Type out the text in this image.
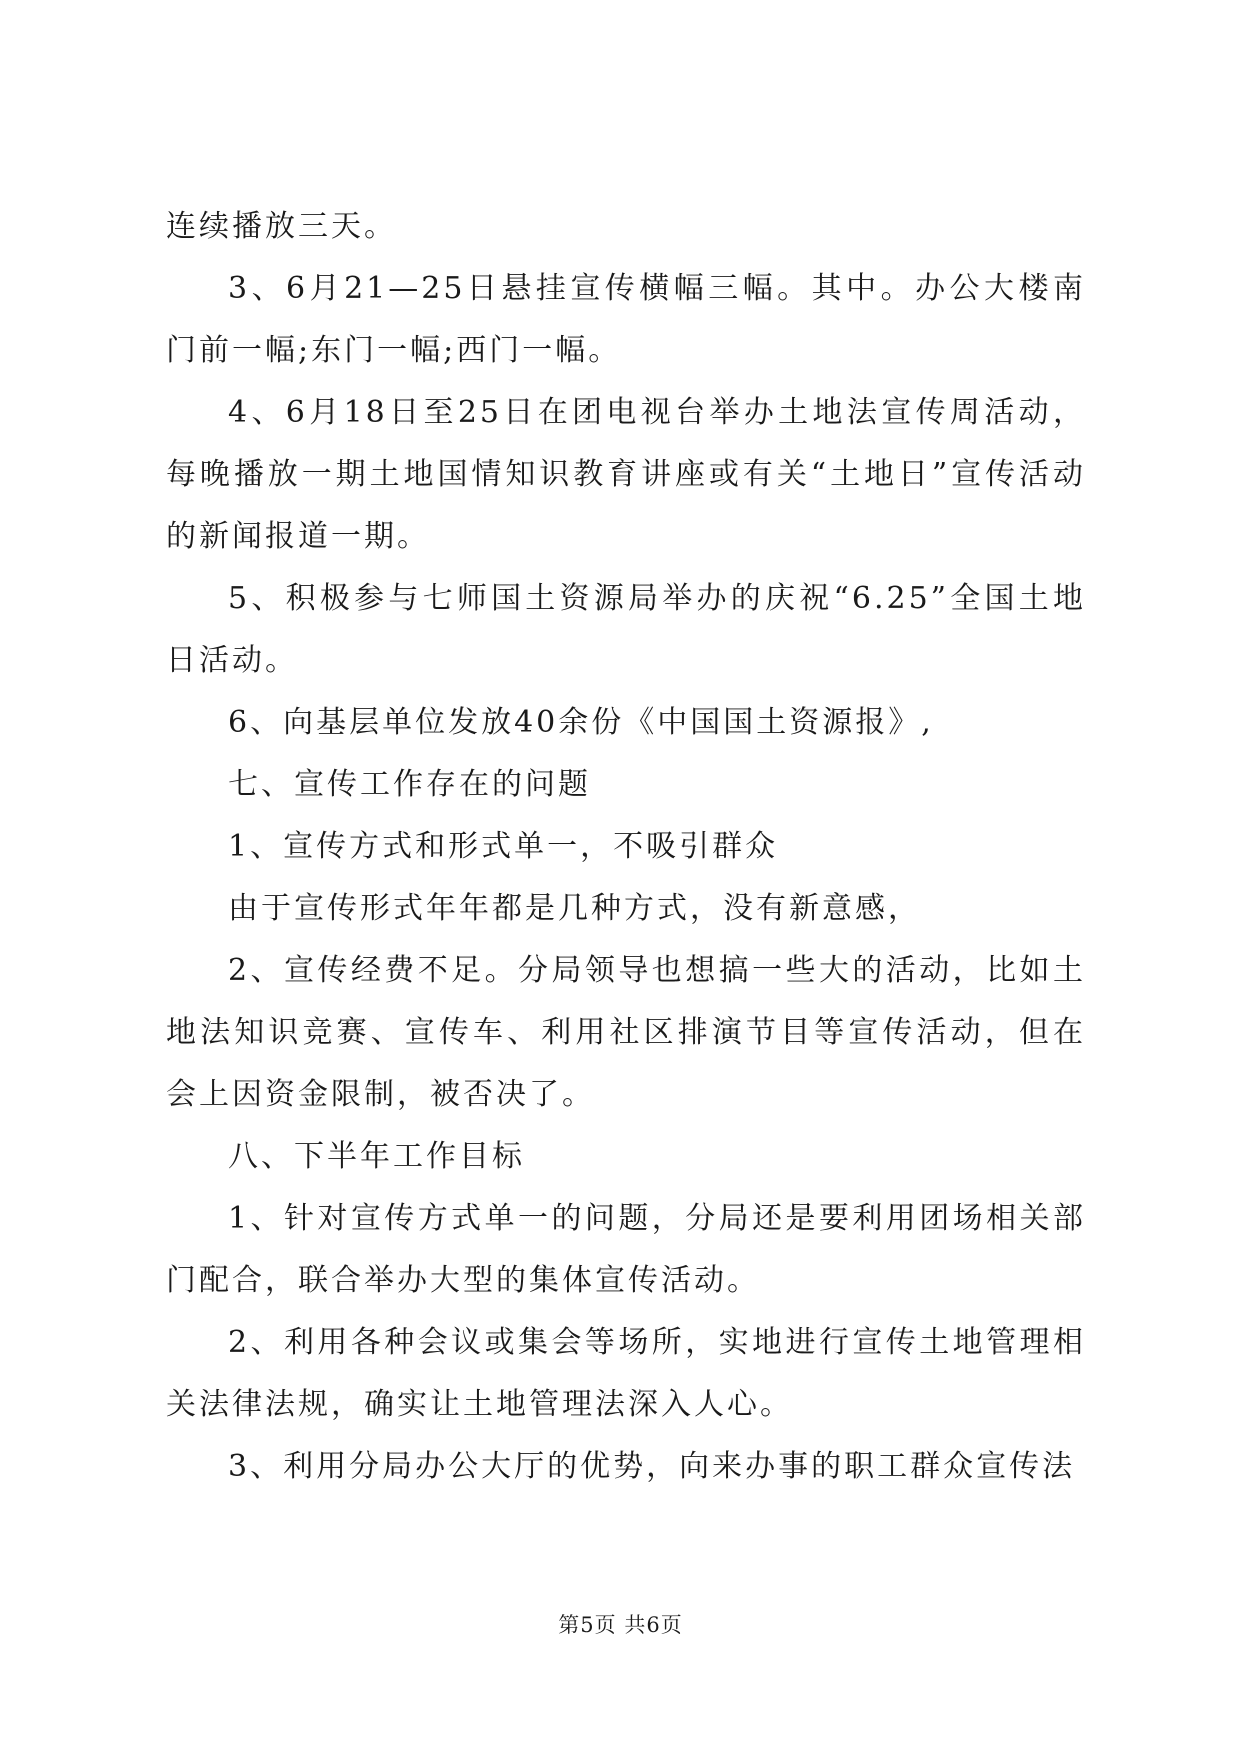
连续播放三天。

3、6月21—25日悬挂宣传横幅三幅。其中。办公大楼南门前一幅;东门一幅;西门一幅。

4、6月18日至25日在团电视台举办土地法宣传周活动，每晚播放一期土地国情知识教育讲座或有关“土地日”宣传活动的新闻报道一期。

5、积极参与七师国土资源局举办的庆祝“6.25”全国土地日活动。

6、向基层单位发放40余份《中国国土资源报》,

七、宣传工作存在的问题

1、宣传方式和形式单一，不吸引群众

由于宣传形式年年都是几种方式，没有新意感，

2、宣传经费不足。分局领导也想搞一些大的活动，比如土地法知识竞赛、宣传车、利用社区排演节目等宣传活动，但在会上因资金限制，被否决了。

八、下半年工作目标

1、针对宣传方式单一的问题，分局还是要利用团场相关部门配合，联合举办大型的集体宣传活动。

2、利用各种会议或集会等场所，实地进行宣传土地管理相关法律法规，确实让土地管理法深入人心。

3、利用分局办公大厅的优势，向来办事的职工群众宣传法

第5页 共6页
